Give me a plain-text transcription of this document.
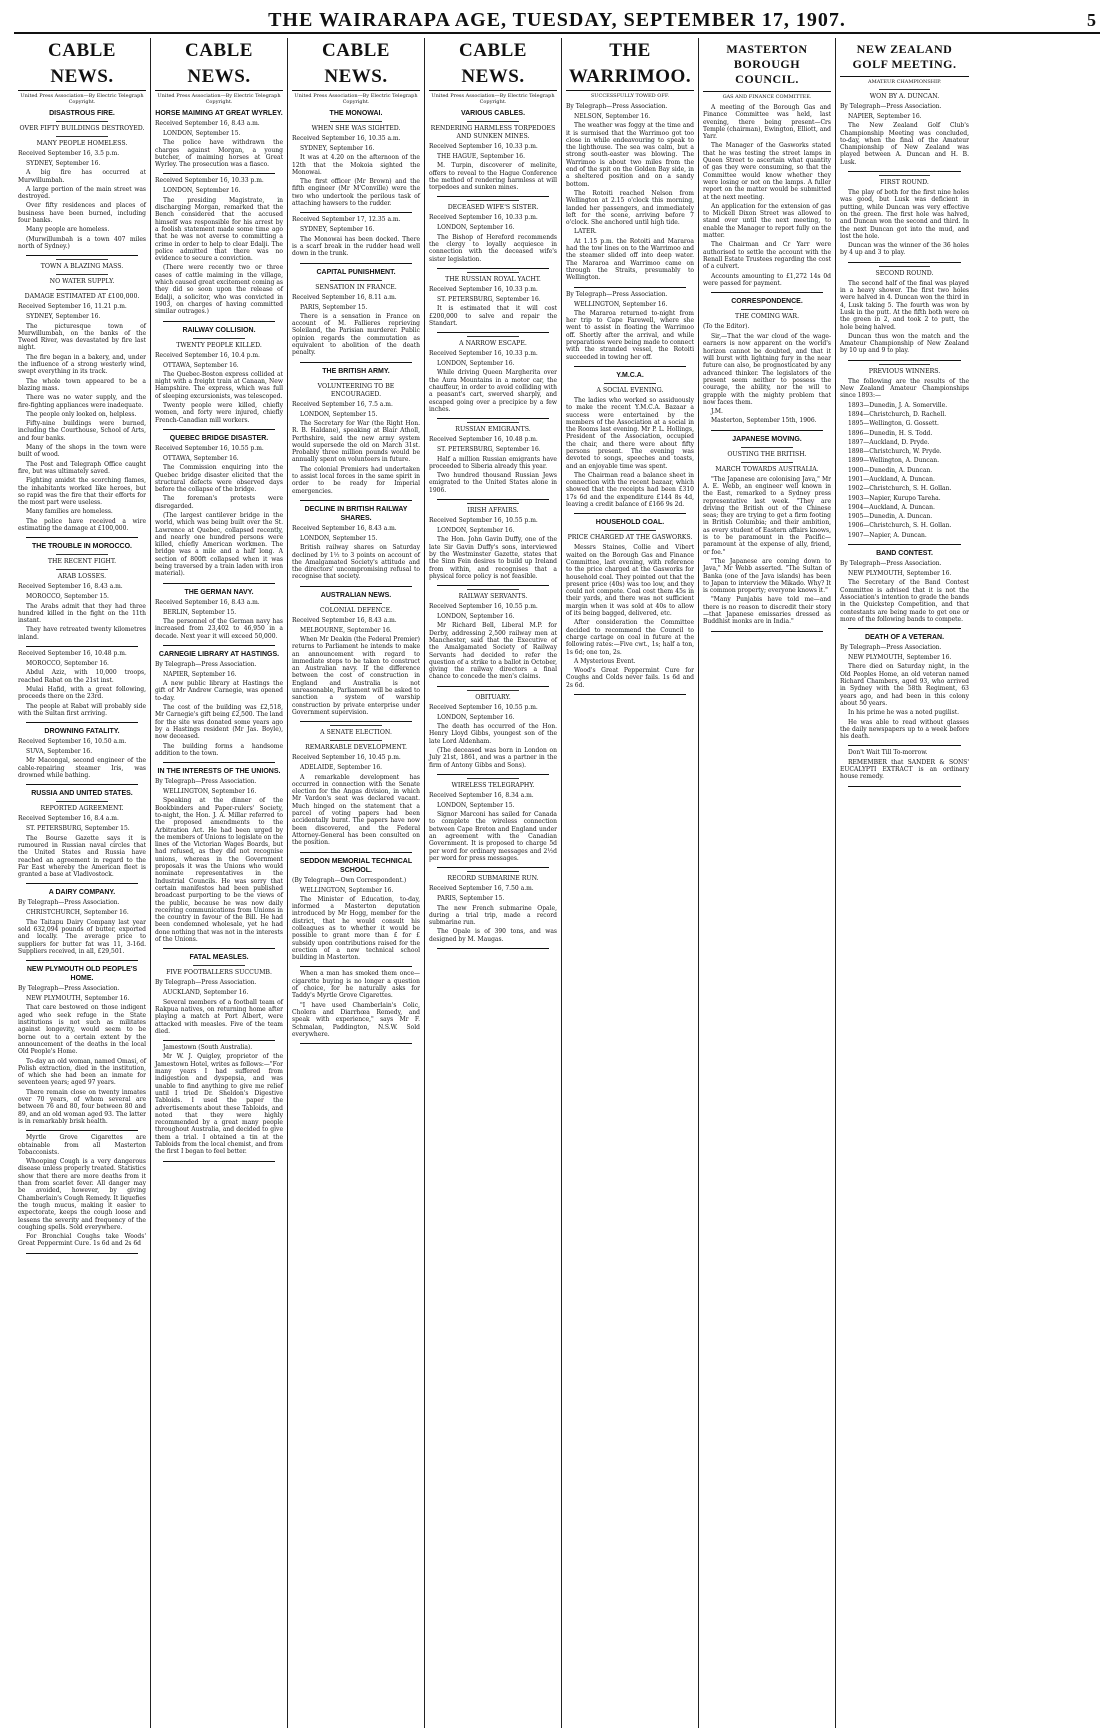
THE WAIRARAPA AGE, TUESDAY, SEPTEMBER 17, 1907.	5
CABLE NEWS.
United Press Association—By Electric Telegraph Copyright.
DISASTROUS FIRE.
OVER FIFTY BUILDINGS DESTROYED.
MANY PEOPLE HOMELESS.
Received September 16, 3.5 p.m.

SYDNEY, September 16.

A big fire has occurred at Murwillumbah.

A large portion of the main street was destroyed.

Over fifty residences and places of business have been burned, including four banks.

Many people are homeless.

(Murwillumbah is a town 407 miles north of Sydney.)

TOWN A BLAZING MASS.
NO WATER SUPPLY.
DAMAGE ESTIMATED AT £100,000.
Received September 16, 11.21 p.m.

SYDNEY, September 16.

The picturesque town of Murwillumbah, on the banks of the Tweed River, was devastated by fire last night.

The fire began in a bakery, and, under the influence of a strong westerly wind, swept everything in its track.

The whole town appeared to be a blazing mass.

There was no water supply, and the fire-fighting appliances were inadequate.

The people only looked on, helpless.

Fifty-nine buildings were burned, including the Courthouse, School of Arts, and four banks.

Many of the shops in the town were built of wood.

The Post and Telegraph Office caught fire, but was ultimately saved.

Fighting amidst the scorching flames, the inhabitants worked like heroes, but so rapid was the fire that their efforts for the most part were useless.

Many families are homeless.

The police have received a wire estimating the damage at £100,000.

THE TROUBLE IN MOROCCO.
THE RECENT FIGHT.
ARAB LOSSES.
Received September 16, 8.43 a.m.

MOROCCO, September 15.

The Arabs admit that they had three hundred killed in the fight on the 11th instant.

They have retreated twenty kilometres inland.

Received September 16, 10.48 p.m.

MOROCCO, September 16.

Abdul Aziz, with 10,000 troops, reached Rabat on the 21st inst.

Mulai Hafid, with a great following, proceeds there on the 23rd.

The people at Rabat will probably side with the Sultan first arriving.

DROWNING FATALITY.
Received September 16, 10.50 a.m.

SUVA, September 16.

Mr Macongal, second engineer of the cable-repairing steamer Iris, was drowned while bathing.

RUSSIA AND UNITED STATES.
REPORTED AGREEMENT.
Received September 16, 8.4 a.m.

ST. PETERSBURG, September 15.

The Bourse Gazette says it is rumoured in Russian naval circles that the United States and Russia have reached an agreement in regard to the Far East whereby the American fleet is granted a base at Vladivostock.

A DAIRY COMPANY.
By Telegraph—Press Association.

CHRISTCHURCH, September 16.

The Taitapu Dairy Company last year sold 632,094 pounds of butter, exported and locally. The average price to suppliers for butter fat was 11, 3-16d. Suppliers received, in all, £29,501.

NEW PLYMOUTH OLD PEOPLE'S HOME.
By Telegraph—Press Association.

NEW PLYMOUTH, September 16.

That care bestowed on those indigent aged who seek refuge in the State institutions is not such as militates against longevity, would seem to be borne out to a certain extent by the announcement of the deaths in the local Old People's Home.

To-day an old woman, named Omasi, of Polish extraction, died in the institution, of which she had been an inmate for seventeen years; aged 97 years.

There remain close on twenty inmates over 70 years, of whom several are between 76 and 80, four between 80 and 89, and an old woman aged 93. The latter is in remarkably brisk health.

Myrtle Grove Cigarettes are obtainable from all Masterton Tobacconists.

Whooping Cough is a very dangerous disease unless properly treated. Statistics show that there are more deaths from it than from scarlet fever. All danger may be avoided, however, by giving Chamberlain's Cough Remedy. It liquefies the tough mucus, making it easier to expectorate, keeps the cough loose and lessens the severity and frequency of the coughing spells. Sold everywhere.

For Bronchial Coughs take Woods' Great Peppermint Cure. 1s 6d and 2s 6d

CABLE NEWS.
United Press Association—By Electric Telegraph Copyright.
HORSE MAIMING AT GREAT WYRLEY.
Received September 16, 8.43 a.m.

LONDON, September 15.

The police have withdrawn the charges against Morgan, a young butcher, of maiming horses at Great Wyrley. The prosecution was a fiasco.

Received September 16, 10.33 p.m.

LONDON, September 16.

The presiding Magistrate, in discharging Morgan, remarked that the Bench considered that the accused himself was responsible for his arrest by a foolish statement made some time ago that he was not averse to committing a crime in order to help to clear Edalji. The police admitted that there was no evidence to secure a conviction.

(There were recently two or three cases of cattle maiming in the village, which caused great excitement coming as they did so soon upon the release of Edalji, a solicitor, who was convicted in 1903, on charges of having committed similar outrages.)

RAILWAY COLLISION.
TWENTY PEOPLE KILLED.
Received September 16, 10.4 p.m.

OTTAWA, September 16.

The Quebec-Boston express collided at night with a freight train at Canaan, New Hampshire. The express, which was full of sleeping excursionists, was telescoped.

Twenty people were killed, chiefly women, and forty were injured, chiefly French-Canadian mill workers.

QUEBEC BRIDGE DISASTER.
Received September 16, 10.55 p.m.

OTTAWA, September 16.

The Commission enquiring into the Quebec bridge disaster elicited that the structural defects were observed days before the collapse of the bridge.

The foreman's protests were disregarded.

(The largest cantilever bridge in the world, which was being built over the St. Lawrence at Quebec, collapsed recently, and nearly one hundred persons were killed, chiefly American workmen. The bridge was a mile and a half long. A section of 800ft collapsed when it was being traversed by a train laden with iron material).

THE GERMAN NAVY.
Received September 16, 8.43 a.m.

BERLIN, September 15.

The personnel of the German navy has increased from 23,402 to 46,950 in a decade. Next year it will exceed 50,000.

CARNEGIE LIBRARY AT HASTINGS.
By Telegraph—Press Association.

NAPIER, September 16.

A new public library at Hastings the gift of Mr Andrew Carnegie, was opened to-day.

The cost of the building was £2,518, Mr Carnegie's gift being £2,500. The land for the site was donated some years ago by a Hastings resident (Mr Jas. Boyle), now deceased.

The building forms a handsome addition to the town.

IN THE INTERESTS OF THE UNIONS.
By Telegraph—Press Association.

WELLINGTON, September 16.

Speaking at the dinner of the Bookbinders and Paper-rulers' Society, to-night, the Hon. J. A. Millar referred to the proposed amendments to the Arbitration Act. He had been urged by the members of Unions to legislate on the lines of the Victorian Wages Boards, but had refused, as they did not recognise unions, whereas in the Government proposals it was the Unions who would nominate representatives in the Industrial Councils. He was sorry that certain manifestos had been published broadcast purporting to be the views of the public, because he was now daily receiving communications from Unions in the country in favour of the Bill. He had been condemned wholesale, yet he had done nothing that was not in the interests of the Unions.

FATAL MEASLES.
FIVE FOOTBALLERS SUCCUMB.
By Telegraph—Press Association.

AUCKLAND, September 16.

Several members of a football team of Rakpua natives, on returning home after playing a match at Port Albert, were attacked with measles. Five of the team died.

Jamestown (South Australia).

Mr W. J. Quigley, proprietor of the Jamestown Hotel, writes as follows:—"For many years I had suffered from indigestion and dyspepsia, and was unable to find anything to give me relief until I tried Dr. Sheldon's Digestive Tabloids. I used the paper the advertisements about these Tabloids, and noted that they were highly recommended by a great many people throughout Australia, and decided to give them a trial. I obtained a tin at the Tabloids from the local chemist, and from the first I began to feel better.

CABLE NEWS.
United Press Association—By Electric Telegraph Copyright.
THE MONOWAI.
WHEN SHE WAS SIGHTED.
Received September 16, 10.35 a.m.

SYDNEY, September 16.

It was at 4.20 on the afternoon of the 12th that the Mokoia sighted the Monowai.

The first officer (Mr Brown) and the fifth engineer (Mr M'Conville) were the two who undertook the perilous task of attaching hawsers to the rudder.

Received September 17, 12.35 a.m.

SYDNEY, September 16.

The Monowai has been docked. There is a scarf break in the rudder head well down in the trunk.

CAPITAL PUNISHMENT.
SENSATION IN FRANCE.
Received September 16, 8.11 a.m.

PARIS, September 15.

There is a sensation in France on account of M. Fallieres reprieving Soleiland, the Parisian murderer. Public opinion regards the commutation as equivalent to abolition of the death penalty.

THE BRITISH ARMY.
VOLUNTEERING TO BE ENCOURAGED.
Received September 16, 7.5 a.m.

LONDON, September 15.

The Secretary for War (the Right Hon. R. B. Haldane), speaking at Blair Atholl, Perthshire, said the new army system would supersede the old on March 31st. Probably three million pounds would be annually spent on volunteers in future.

The colonial Premiers had undertaken to assist local forces in the same spirit in order to be ready for Imperial emergencies.

DECLINE IN BRITISH RAILWAY SHARES.
Received September 16, 8.43 a.m.

LONDON, September 15.

British railway shares on Saturday declined by 1½ to 3 points on account of the Amalgamated Society's attitude and the directors' uncompromising refusal to recognise that society.

AUSTRALIAN NEWS.
COLONIAL DEFENCE.
Received September 16, 8.43 a.m.

MELBOURNE, September 16.

When Mr Deakin (the Federal Premier) returns to Parliament he intends to make an announcement with regard to immediate steps to be taken to construct an Australian navy. If the difference between the cost of construction in England and Australia is not unreasonable, Parliament will be asked to sanction a system of warship construction by private enterprise under Government supervision.

A SENATE ELECTION.
REMARKABLE DEVELOPMENT.
Received September 16, 10.45 p.m.

ADELAIDE, September 16.

A remarkable development has occurred in connection with the Senate election for the Angas division, in which Mr Vardon's seat was declared vacant. Much hinged on the statement that a parcel of voting papers had been accidentally burnt. The papers have now been discovered, and the Federal Attorney-General has been consulted on the position.

SEDDON MEMORIAL TECHNICAL SCHOOL.
(By Telegraph—Own Correspondent.)

WELLINGTON, September 16.

The Minister of Education, to-day, informed a Masterton deputation introduced by Mr Hogg, member for the district, that he would consult his colleagues as to whether it would be possible to grant more than £ for £ subsidy upon contributions raised for the erection of a new technical school building in Masterton.

When a man has smoked them once—cigarette buying is no longer a question of choice, for he naturally asks for Taddy's Myrtle Grove Cigarettes.

"I have used Chamberlain's Colic, Cholera and Diarrhœa Remedy, and speak with experience," says Mr F. Schmalan, Paddington, N.S.W. Sold everywhere.

CABLE NEWS.
United Press Association—By Electric Telegraph Copyright.
VARIOUS CABLES.
RENDERING HARMLESS TORPEDOES AND SUNKEN MINES.
Received September 16, 10.33 p.m.

THE HAGUE, September 16.

M. Turpin, discoverer of melinite, offers to reveal to the Hague Conference the method of rendering harmless at will torpedoes and sunken mines.

DECEASED WIFE'S SISTER.
Received September 16, 10.33 p.m.

LONDON, September 16.

The Bishop of Hereford recommends the clergy to loyally acquiesce in connection with the deceased wife's sister legislation.

THE RUSSIAN ROYAL YACHT.
Received September 16, 10.33 p.m.

ST. PETERSBURG, September 16.

It is estimated that it will cost £200,000 to salve and repair the Standart.

A NARROW ESCAPE.
Received September 16, 10.33 p.m.

LONDON, September 16.

While driving Queen Margherita over the Aura Mountains in a motor car, the chauffeur, in order to avoid colliding with a peasant's cart, swerved sharply, and escaped going over a precipice by a few inches.

RUSSIAN EMIGRANTS.
Received September 16, 10.48 p.m.

ST. PETERSBURG, September 16.

Half a million Russian emigrants have proceeded to Siberia already this year.

Two hundred thousand Russian Jews emigrated to the United States alone in 1906.

IRISH AFFAIRS.
Received September 16, 10.55 p.m.

LONDON, September 16.

The Hon. John Gavin Duffy, one of the late Sir Gavin Duffy's sons, interviewed by the Westminster Gazette, states that the Sinn Fein desires to build up Ireland from within, and recognises that a physical force policy is not feasible.

RAILWAY SERVANTS.
Received September 16, 10.55 p.m.

LONDON, September 16.

Mr Richard Bell, Liberal M.P. for Derby, addressing 2,500 railway men at Manchester, said that the Executive of the Amalgamated Society of Railway Servants had decided to refer the question of a strike to a ballot in October, giving the railway directors a final chance to concede the men's claims.

OBITUARY.
Received September 16, 10.55 p.m.

LONDON, September 16.

The death has occurred of the Hon. Henry Lloyd Gibbs, youngest son of the late Lord Aldenham.

(The deceased was born in London on July 21st, 1861, and was a partner in the firm of Antony Gibbs and Sons).

WIRELESS TELEGRAPHY.
Received September 16, 8.34 a.m.

LONDON, September 15.

Signor Marconi has sailed for Canada to complete the wireless connection between Cape Breton and England under an agreement with the Canadian Government. It is proposed to charge 5d per word for ordinary messages and 2½d per word for press messages.

RECORD SUBMARINE RUN.
Received September 16, 7.50 a.m.

PARIS, September 15.

The new French submarine Opale, during a trial trip, made a record submarine run.

The Opale is of 390 tons, and was designed by M. Maugas.

THE WARRIMOO.
SUCCESSFULLY TOWED OFF.
By Telegraph—Press Association.

NELSON, September 16.

The weather was foggy at the time and it is surmised that the Warrimoo got too close in while endeavouring to speak to the lighthouse. The sea was calm, but a strong south-easter was blowing. The Warrimoo is about two miles from the end of the spit on the Golden Bay side, in a sheltered position and on a sandy bottom.

The Rotoiti reached Nelson from Wellington at 2.15 o'clock this morning, landed her passengers, and immediately left for the scene, arriving before 7 o'clock. She anchored until high tide.

LATER.

At 1.15 p.m. the Rotoiti and Mararoa had the tow lines on to the Warrimoo and the steamer slided off into deep water. The Mararoa and Warrimoo came on through the Straits, presumably to Wellington.

By Telegraph—Press Association.

WELLINGTON, September 16.

The Mararoa returned to-night from her trip to Cape Farewell, where she went to assist in floating the Warrimoo off. Shortly after the arrival, and while preparations were being made to connect with the stranded vessel, the Rotoiti succeeded in towing her off.

Y.M.C.A.
A SOCIAL EVENING.

The ladies who worked so assiduously to make the recent Y.M.C.A. Bazaar a success were entertained by the members of the Association at a social in the Rooms last evening. Mr P. L. Hollings, President of the Association, occupied the chair, and there were about fifty persons present. The evening was devoted to songs, speeches and toasts, and an enjoyable time was spent.

The Chairman read a balance sheet in connection with the recent bazaar, which showed that the receipts had been £310 17s 6d and the expenditure £144 8s 4d, leaving a credit balance of £166 9s 2d.

HOUSEHOLD COAL.
PRICE CHARGED AT THE GASWORKS.

Messrs Staines, Collie and Vibert waited on the Borough Gas and Finance Committee, last evening, with reference to the price charged at the Gasworks for household coal. They pointed out that the present price (40s) was too low, and they could not compete. Coal cost them 45s in their yards, and there was not sufficient margin when it was sold at 40s to allow of its being bagged, delivered, etc.

After consideration the Committee decided to recommend the Council to charge cartage on coal in future at the following rates:—Five cwt., 1s; half a ton, 1s 6d; one ton, 2s.

A Mysterious Event.

Wood's Great Peppermint Cure for Coughs and Colds never fails. 1s 6d and 2s 6d.

MASTERTON BOROUGH COUNCIL.
GAS AND FINANCE COMMITTEE.

A meeting of the Borough Gas and Finance Committee was held, last evening, there being present—Crs Temple (chairman), Ewington, Elliott, and Yarr.

The Manager of the Gasworks stated that he was testing the street lamps in Queen Street to ascertain what quantity of gas they were consuming, so that the Committee would know whether they were losing or not on the lamps. A fuller report on the matter would be submitted at the next meeting.

An application for the extension of gas to Mickell Dixon Street was allowed to stand over until the next meeting, to enable the Manager to report fully on the matter.

The Chairman and Cr Yarr were authorised to settle the account with the Renall Estate Trustees regarding the cost of a culvert.

Accounts amounting to £1,272 14s 0d were passed for payment.

CORRESPONDENCE.
THE COMING WAR.
(To the Editor).

Sir,—That the war cloud of the wage-earners is now apparent on the world's horizon cannot be doubted, and that it will burst with lightning fury in the near future can also, be prognosticated by any advanced thinker. The legislators of the present seem neither to possess the courage, the ability, nor the will to grapple with the mighty problem that now faces them.

J.M.

Masterton, September 15th, 1906.

JAPANESE MOVING.
OUSTING THE BRITISH.
MARCH TOWARDS AUSTRALIA.

"The Japanese are colonising Java," Mr A. E. Webb, an engineer well known in the East, remarked to a Sydney press representative last week. "They are driving the British out of the Chinese seas; they are trying to get a firm footing in British Columbia; and their ambition, as every student of Eastern affairs knows, is to be paramount in the Pacific—paramount at the expense of ally, friend, or foe."

"The Japanese are coming down to Java," Mr Webb asserted. "The Sultan of Banka (one of the Java islands) has been to Japan to interview the Mikado. Why? It is common property; everyone knows it."

"Many Punjabis have told me—and there is no reason to discredit their story—that Japanese emissaries dressed as Buddhist monks are in India."

NEW ZEALAND GOLF MEETING.
AMATEUR CHAMPIONSHIP.
WON BY A. DUNCAN.
By Telegraph—Press Association.

NAPIER, September 16.

The New Zealand Golf Club's Championship Meeting was concluded, to-day, when the final of the Amateur Championship of New Zealand was played between A. Duncan and H. B. Lusk.

FIRST ROUND.

The play of both for the first nine holes was good, but Lusk was deficient in putting, while Duncan was very effective on the green. The first hole was halved, and Duncan won the second and third. In the next Duncan got into the mud, and lost the hole.

Duncan was the winner of the 36 holes by 4 up and 3 to play.

SECOND ROUND.

The second half of the final was played in a heavy shower. The first two holes were halved in 4. Duncan won the third in 4, Lusk taking 5. The fourth was won by Lusk in the putt. At the fifth both were on the green in 2, and took 2 to putt, the hole being halved.

Duncan thus won the match and the Amateur Championship of New Zealand by 10 up and 9 to play.

PREVIOUS WINNERS.

The following are the results of the New Zealand Amateur Championships since 1893:—

1893—Dunedin, J. A. Somerville.

1894—Christchurch, D. Rachell.

1895—Wellington, G. Gossett.

1896—Dunedin, H. S. Todd.

1897—Auckland, D. Pryde.

1898—Christchurch, W. Pryde.

1899—Wellington, A. Duncan.

1900—Dunedin, A. Duncan.

1901—Auckland, A. Duncan.

1902—Christchurch, S. H. Gollan.

1903—Napier, Kurupo Tareha.

1904—Auckland, A. Duncan.

1905—Dunedin, A. Duncan.

1906—Christchurch, S. H. Gollan.

1907—Napier, A. Duncan.

BAND CONTEST.
By Telegraph—Press Association.

NEW PLYMOUTH, September 16.

The Secretary of the Band Contest Committee is advised that it is not the Association's intention to grade the bands in the Quickstep Competition, and that contestants are being made to get one or more of the following bands to compete.

DEATH OF A VETERAN.
By Telegraph—Press Association.

NEW PLYMOUTH, September 16.

There died on Saturday night, in the Old Peoples Home, an old veteran named Richard Chambers, aged 93, who arrived in Sydney with the 58th Regiment, 63 years ago, and had been in this colony about 50 years.

In his prime he was a noted pugilist.

He was able to read without glasses the daily newspapers up to a week before his death.

Don't Wait Till To-morrow.

REMEMBER that SANDER & SONS' EUCALYPTI EXTRACT is an ordinary house remedy.
